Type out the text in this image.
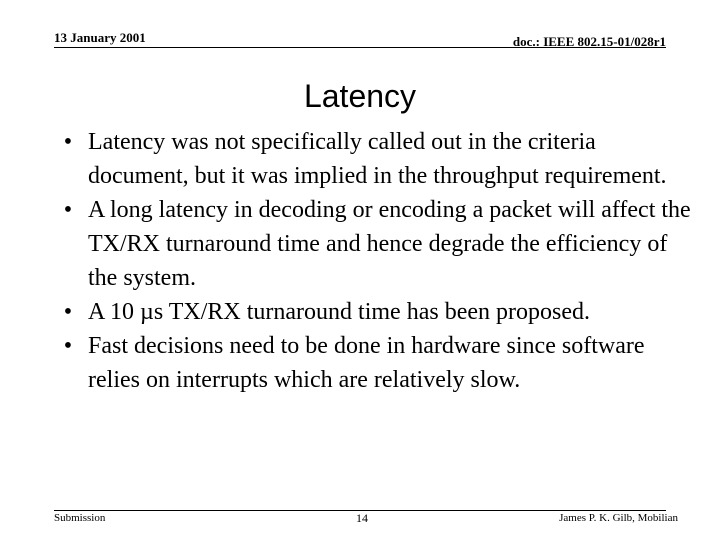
13 January 2001	doc.: IEEE 802.15-01/028r1
Latency
• Latency was not specifically called out in the criteria document, but it was implied in the throughput requirement.
• A long latency in decoding or encoding a packet will affect the TX/RX turnaround time and hence degrade the efficiency of the system.
• A 10 µs TX/RX turnaround time has been proposed.
• Fast decisions need to be done in hardware since software relies on interrupts which are relatively slow.
Submission	14	James P. K. Gilb, Mobilian
